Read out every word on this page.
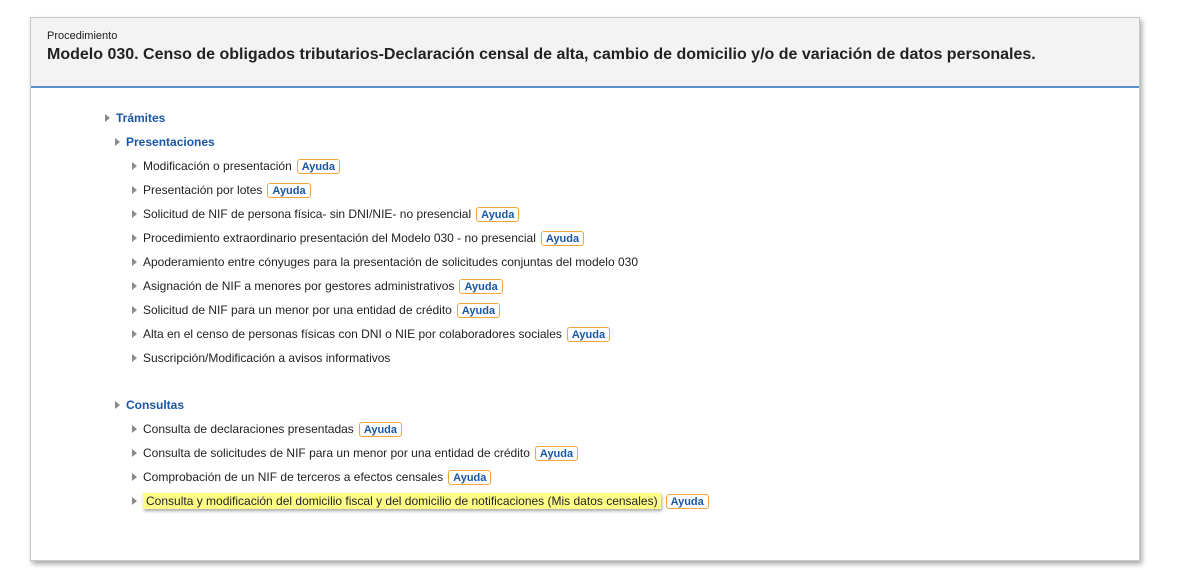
Procedimiento
Modelo 030. Censo de obligados tributarios-Declaración censal de alta, cambio de domicilio y/o de variación de datos personales.
Trámites
Presentaciones
Modificación o presentación Ayuda
Presentación por lotes Ayuda
Solicitud de NIF de persona física- sin DNI/NIE- no presencial Ayuda
Procedimiento extraordinario presentación del Modelo 030 - no presencial Ayuda
Apoderamiento entre cónyuges para la presentación de solicitudes conjuntas del modelo 030
Asignación de NIF a menores por gestores administrativos Ayuda
Solicitud de NIF para un menor por una entidad de crédito Ayuda
Alta en el censo de personas físicas con DNI o NIE por colaboradores sociales Ayuda
Suscripción/Modificación a avisos informativos
Consultas
Consulta de declaraciones presentadas Ayuda
Consulta de solicitudes de NIF para un menor por una entidad de crédito Ayuda
Comprobación de un NIF de terceros a efectos censales Ayuda
Consulta y modificación del domicilio fiscal y del domicilio de notificaciones (Mis datos censales)	Ayuda
